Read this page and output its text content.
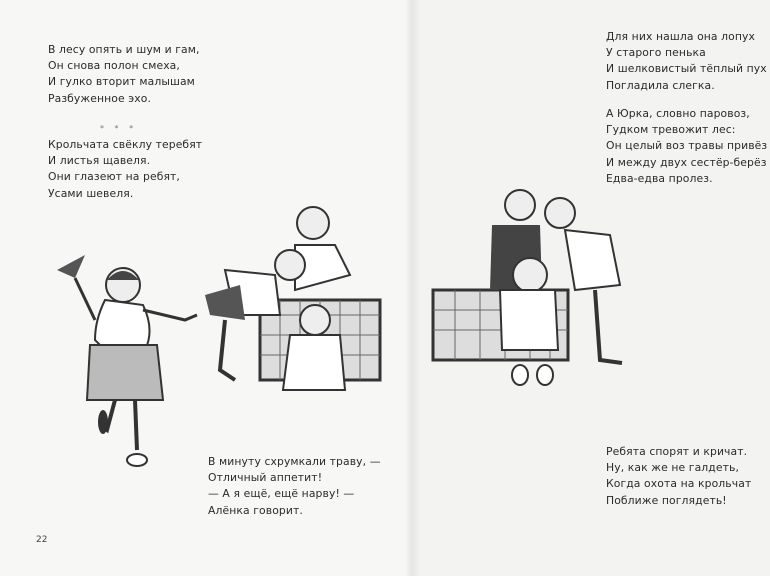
В лесу опять и шум и гам,
Он снова полон смеха,
И гулко вторит малышам
Разбуженное эхо.
* * *
Крольчата свёклу теребят
И листья щавеля.
Они глазеют на ребят,
Усами шевеля.
В минуту схрумкали траву, —
Отличный аппетит!
— А я ещё, ещё нарву! —
Алёнка говорит.
22
Для них нашла она лопух
У старого пенька
И шелковистый тёплый пух
Погладила слегка.
А Юрка, словно паровоз,
Гудком тревожит лес:
Он целый воз травы привёз
И между двух сестёр-берёз
Едва-едва пролез.
Ребята спорят и кричат.
Ну, как же не галдеть,
Когда охота на крольчат
Поближе поглядеть!
